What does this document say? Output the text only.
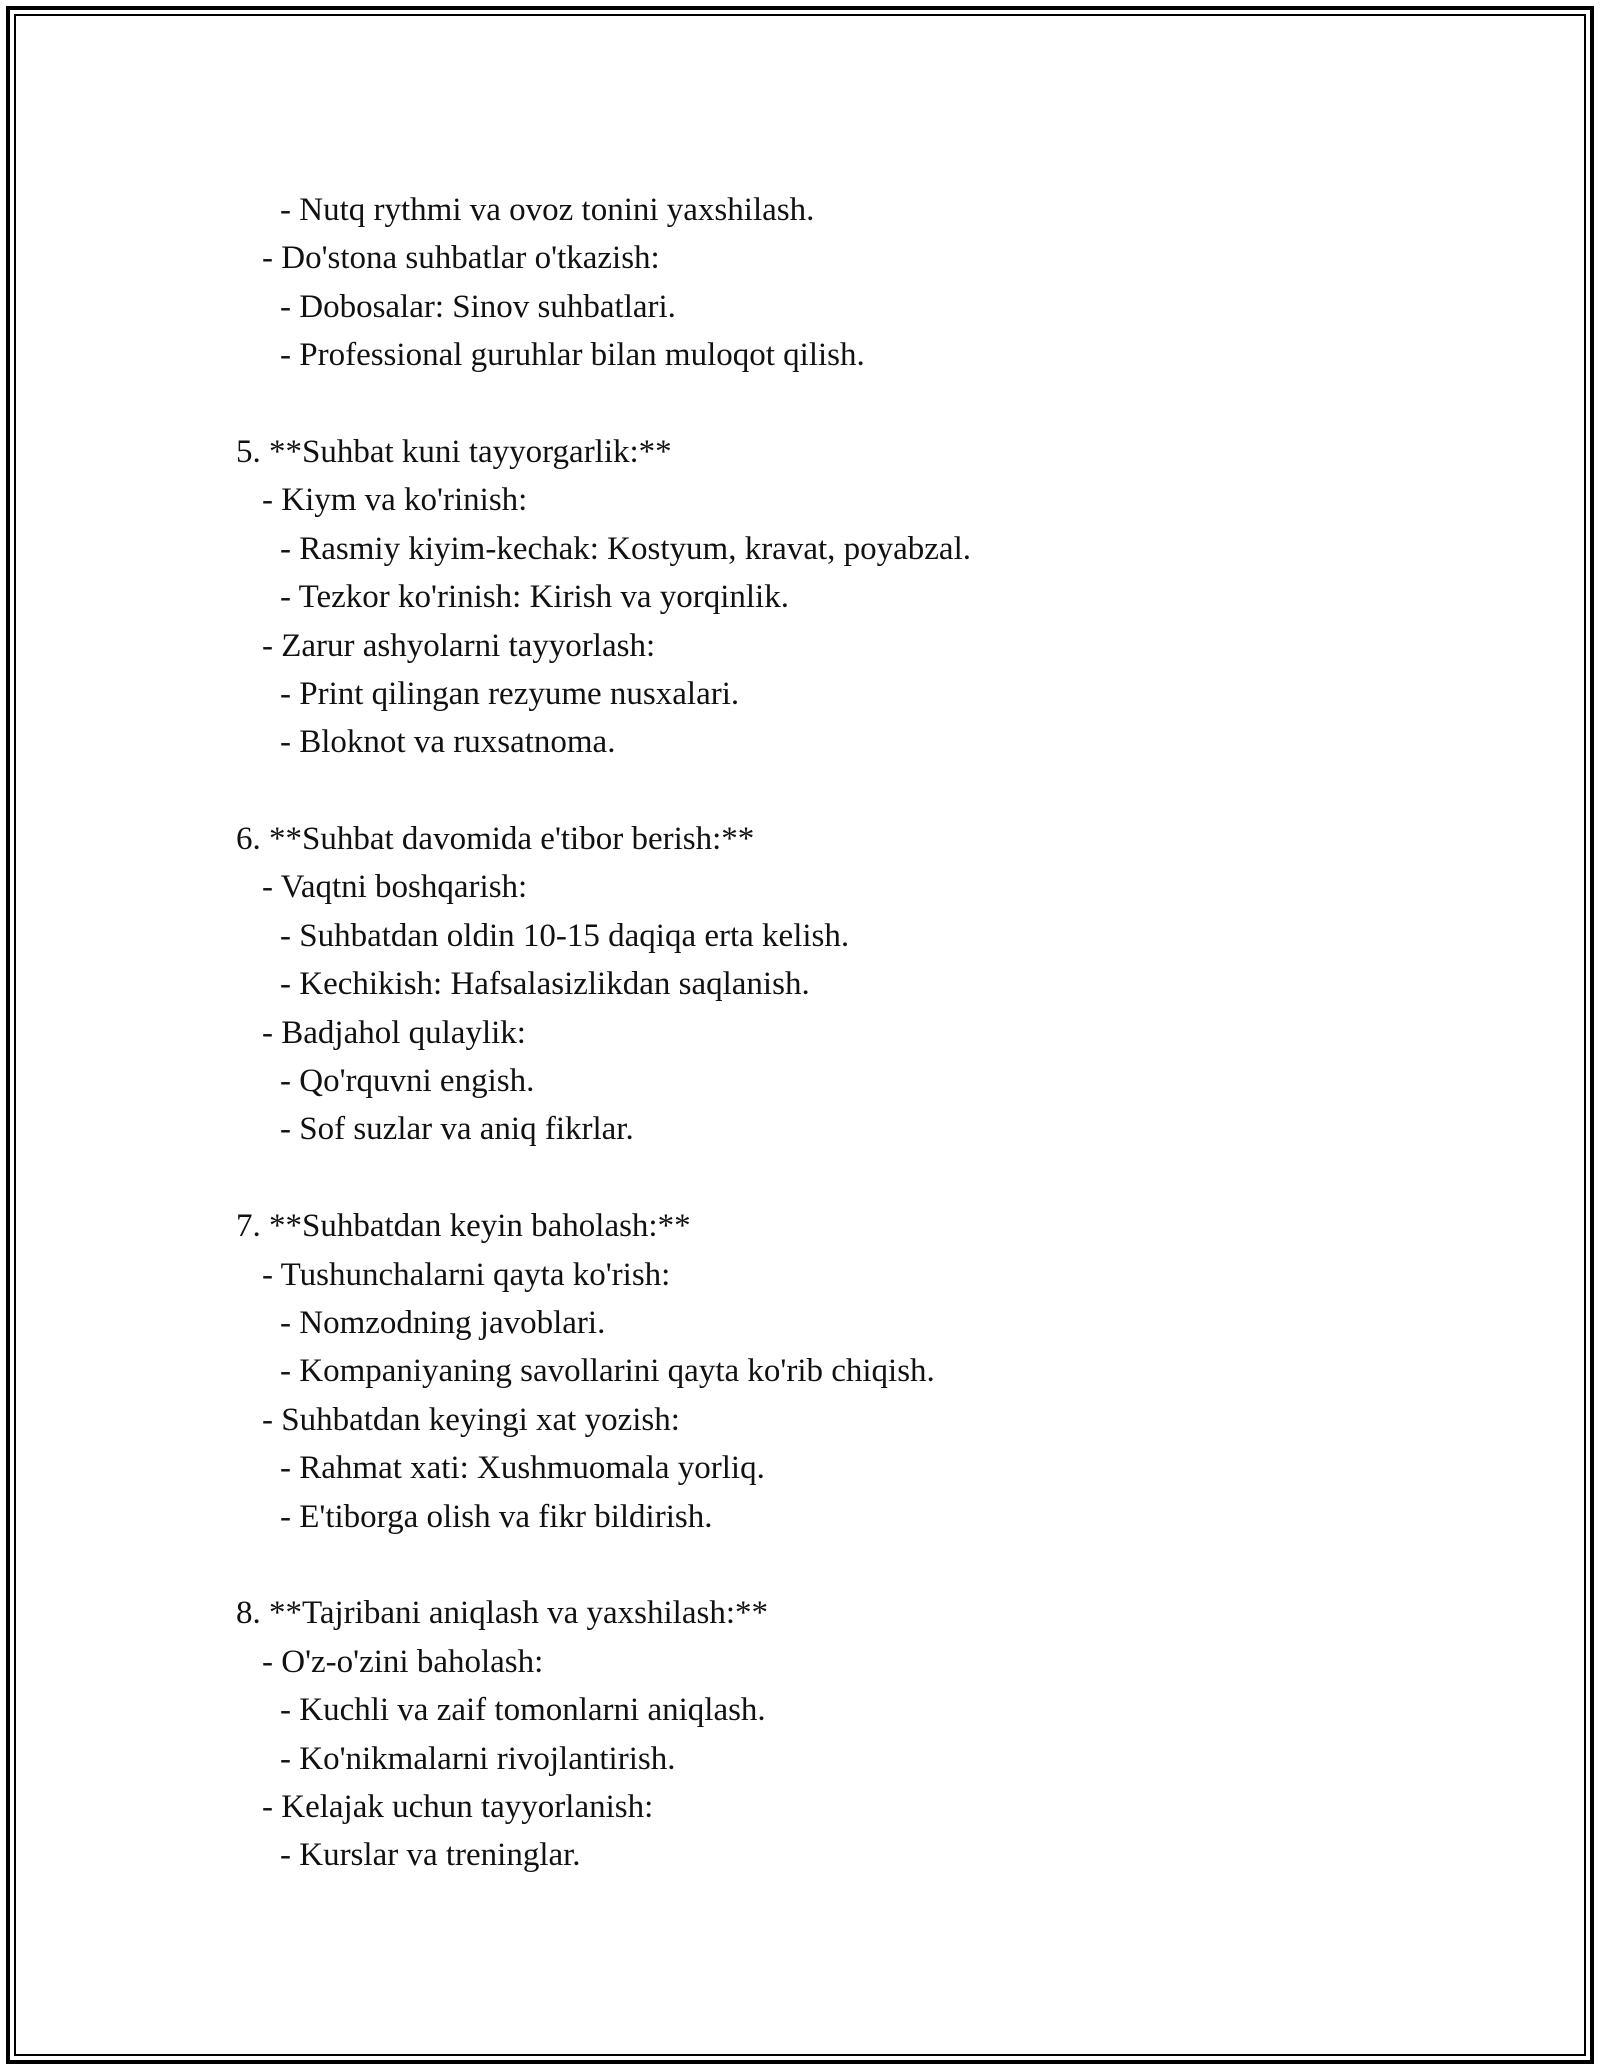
- Nutq rythmi va ovoz tonini yaxshilash.
- Do'stona suhbatlar o'tkazish:
- Dobosalar: Sinov suhbatlari.
- Professional guruhlar bilan muloqot qilish.
5. **Suhbat kuni tayyorgarlik:**
- Kiym va ko'rinish:
- Rasmiy kiyim-kechak: Kostyum, kravat, poyabzal.
- Tezkor ko'rinish: Kirish va yorqinlik.
- Zarur ashyolarni tayyorlash:
- Print qilingan rezyume nusxalari.
- Bloknot va ruxsatnoma.
6. **Suhbat davomida e'tibor berish:**
- Vaqtni boshqarish:
- Suhbatdan oldin 10-15 daqiqa erta kelish.
- Kechikish: Hafsalasizlikdan saqlanish.
- Badjahol qulaylik:
- Qo'rquvni engish.
- Sof suzlar va aniq fikrlar.
7. **Suhbatdan keyin baholash:**
- Tushunchalarni qayta ko'rish:
- Nomzodning javoblari.
- Kompaniyaning savollarini qayta ko'rib chiqish.
- Suhbatdan keyingi xat yozish:
- Rahmat xati: Xushmuomala yorliq.
- E'tiborga olish va fikr bildirish.
8. **Tajribani aniqlash va yaxshilash:**
- O'z-o'zini baholash:
- Kuchli va zaif tomonlarni aniqlash.
- Ko'nikmalarni rivojlantirish.
- Kelajak uchun tayyorlanish:
- Kurslar va treninglar.
